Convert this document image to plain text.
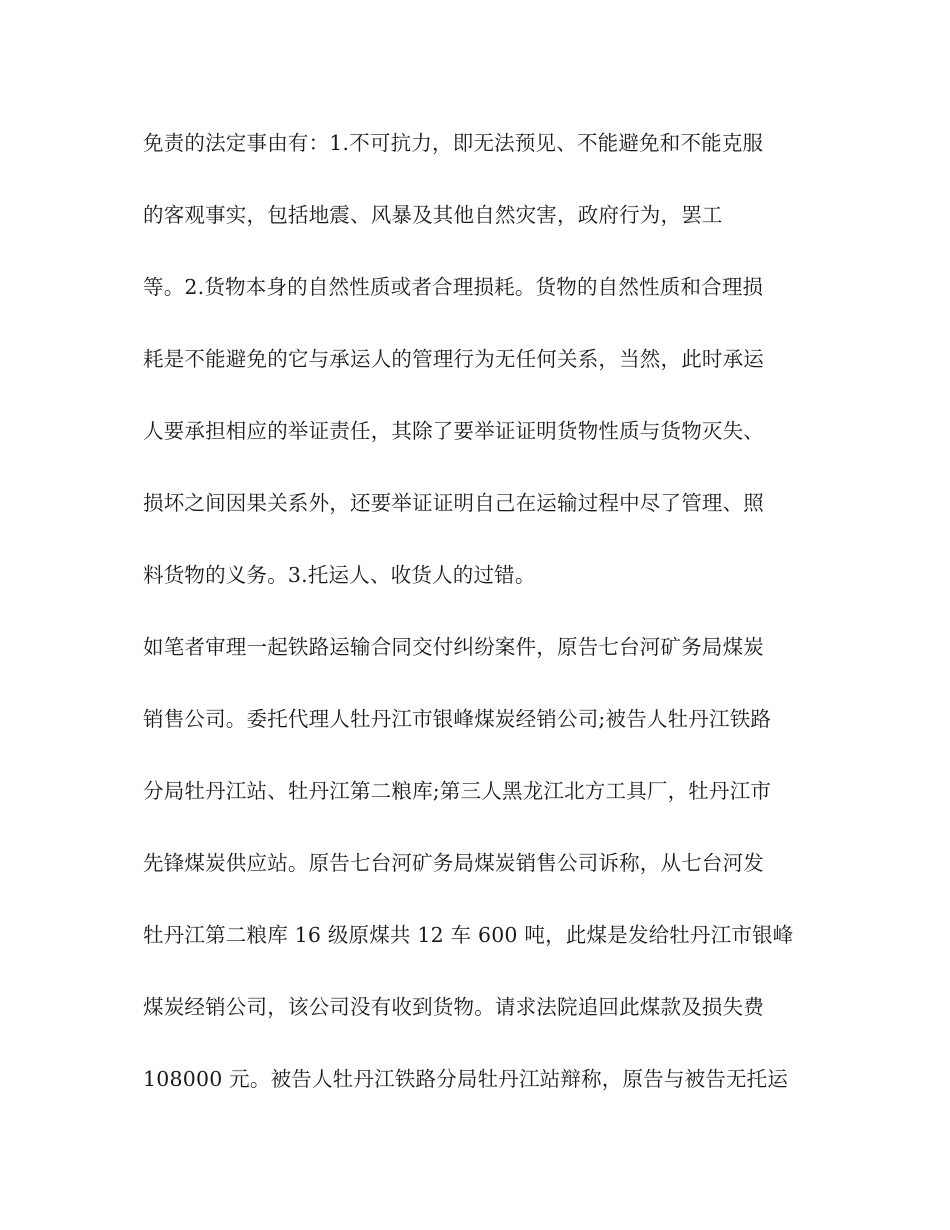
免责的法定事由有：1.不可抗力，即无法预见、不能避免和不能克服
的客观事实，包括地震、风暴及其他自然灾害，政府行为，罢工
等。2.货物本身的自然性质或者合理损耗。货物的自然性质和合理损
耗是不能避免的它与承运人的管理行为无任何关系，当然，此时承运
人要承担相应的举证责任，其除了要举证证明货物性质与货物灭失、
损坏之间因果关系外，还要举证证明自己在运输过程中尽了管理、照
料货物的义务。3.托运人、收货人的过错。
如笔者审理一起铁路运输合同交付纠纷案件，原告七台河矿务局煤炭
销售公司。委托代理人牡丹江市银峰煤炭经销公司;被告人牡丹江铁路
分局牡丹江站、牡丹江第二粮库;第三人黑龙江北方工具厂，牡丹江市
先锋煤炭供应站。原告七台河矿务局煤炭销售公司诉称，从七台河发
牡丹江第二粮库 16 级原煤共 12 车 600 吨，此煤是发给牡丹江市银峰
煤炭经销公司，该公司没有收到货物。请求法院追回此煤款及损失费
108000 元。被告人牡丹江铁路分局牡丹江站辩称，原告与被告无托运
